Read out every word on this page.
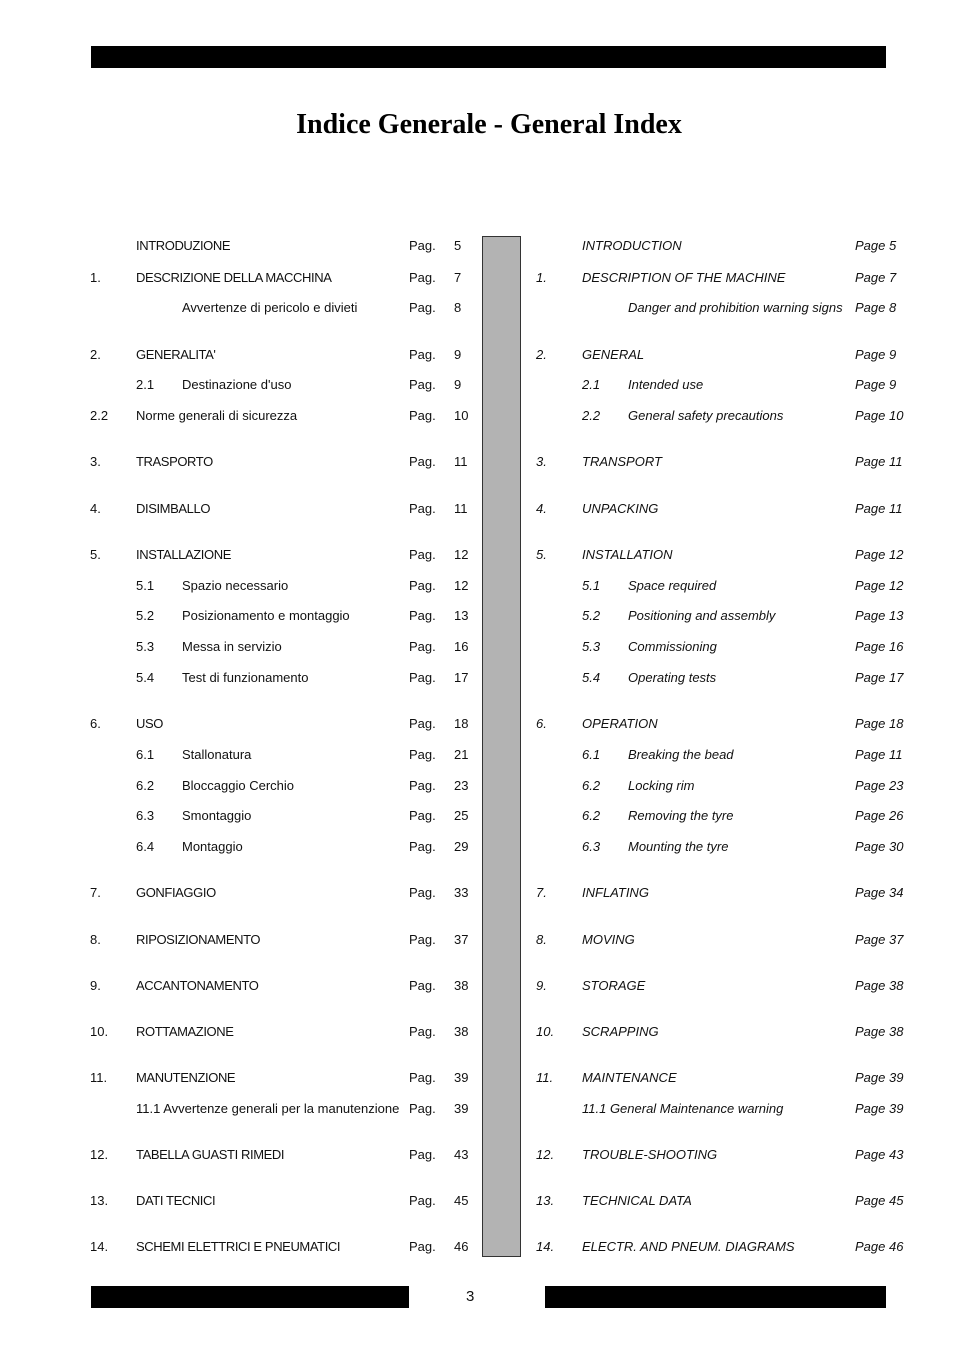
Indice Generale - General Index
INTRODUZIONE	Pag. 5
1.	DESCRIZIONE DELLA MACCHINA	Pag. 7
Avvertenze di pericolo e divieti	Pag. 8
2.	GENERALITA'	Pag. 9
2.1 Destinazione d'uso	Pag. 9
2.2 Norme generali di sicurezza	Pag. 10
3.	TRASPORTO	Pag. 11
4.	DISIMBALLO	Pag. 11
5.	INSTALLAZIONE	Pag. 12
5.1 Spazio necessario	Pag. 12
5.2 Posizionamento e montaggio	Pag. 13
5.3 Messa in servizio	Pag. 16
5.4 Test di funzionamento	Pag. 17
6.	USO	Pag. 18
6.1 Stallonatura	Pag. 21
6.2 Bloccaggio Cerchio	Pag. 23
6.3 Smontaggio	Pag. 25
6.4 Montaggio	Pag. 29
7.	GONFIAGGIO	Pag. 33
8.	RIPOSIZIONAMENTO	Pag. 37
9.	ACCANTONAMENTO	Pag. 38
10. ROTTAMAZIONE	Pag. 38
11. MANUTENZIONE	Pag. 39
11.1 Avvertenze generali per la manutenzione Pag. 39
12. TABELLA GUASTI RIMEDI	Pag. 43
13. DATI TECNICI	Pag. 45
14. SCHEMI ELETTRICI E PNEUMATICI	Pag. 46
INTRODUCTION	Page 5
1.	DESCRIPTION OF THE MACHINE	Page 7
Danger and prohibition warning signs Page 8
2.	GENERAL	Page 9
2.1 Intended use	Page 9
2.2 General safety precautions	Page 10
3.	TRANSPORT	Page 11
4.	UNPACKING	Page 11
5.	INSTALLATION	Page 12
5.1 Space required	Page 12
5.2 Positioning and assembly	Page 13
5.3 Commissioning	Page 16
5.4 Operating tests	Page 17
6.	OPERATION	Page 18
6.1 Breaking the bead	Page 11
6.2 Locking rim	Page 23
6.2 Removing the tyre	Page 26
6.3 Mounting the tyre	Page 30
7.	INFLATING	Page 34
8.	MOVING	Page 37
9.	STORAGE	Page 38
10. SCRAPPING	Page 38
11. MAINTENANCE	Page 39
11.1 General Maintenance warning	Page 39
12. TROUBLE-SHOOTING	Page 43
13. TECHNICAL DATA	Page 45
14. ELECTR. AND PNEUM. DIAGRAMS	Page 46
3
